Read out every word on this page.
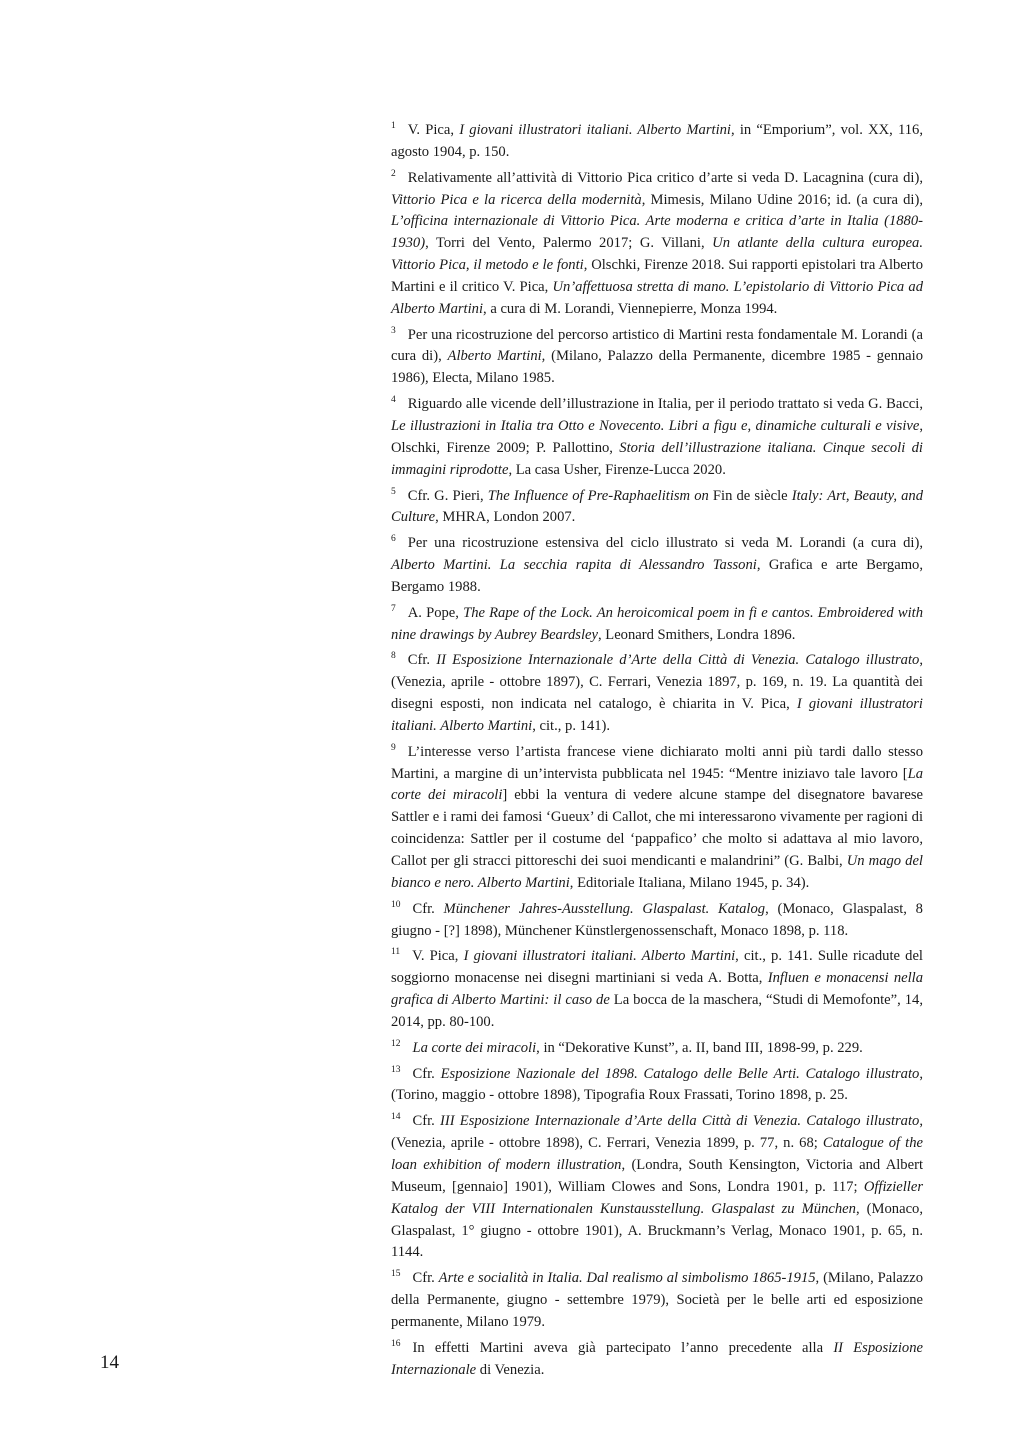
$^1$ V. Pica, I giovani illustratori italiani. Alberto Martini, in “Emporium”, vol. XX, 116, agosto 1904, p. 150.

$^2$ Relativamente all’attività di Vittorio Pica critico d’arte si veda D. Lacagnina (cura di), Vittorio Pica e la ricerca della modernità, Mimesis, Milano Udine 2016; id. (a cura di), L’officina internazionale di Vittorio Pica. Arte moderna e critica d’arte in Italia (1880-1930), Torri del Vento, Palermo 2017; G. Villani, Un atlante della cultura europea. Vittorio Pica, il metodo e le fonti, Olschki, Firenze 2018. Sui rapporti epistolari tra Alberto Martini e il critico V. Pica, Un’affettuosa stretta di mano. L’epistolario di Vittorio Pica ad Alberto Martini, a cura di M. Lorandi, Viennepierre, Monza 1994.

$^3$ Per una ricostruzione del percorso artistico di Martini resta fondamentale M. Lorandi (a cura di), Alberto Martini, (Milano, Palazzo della Permanente, dicembre 1985 - gennaio 1986), Electa, Milano 1985.

$^4$ Riguardo alle vicende dell’illustrazione in Italia, per il periodo trattato si veda G. Bacci, Le illustrazioni in Italia tra Otto e Novecento. Libri a figu e, dinamiche culturali e visive, Olschki, Firenze 2009; P. Pallottino, Storia dell’illustrazione italiana. Cinque secoli di immagini riprodotte, La casa Usher, Firenze-Lucca 2020.

$^5$ Cfr. G. Pieri, The Influence of Pre-Raphaelitism on Fin de siècle Italy: Art, Beauty, and Culture, MHRA, London 2007.

$^6$ Per una ricostruzione estensiva del ciclo illustrato si veda M. Lorandi (a cura di), Alberto Martini. La secchia rapita di Alessandro Tassoni, Grafica e arte Bergamo, Bergamo 1988.

$^7$ A. Pope, The Rape of the Lock. An heroicomical poem in fi e cantos. Embroidered with nine drawings by Aubrey Beardsley, Leonard Smithers, Londra 1896.

$^8$ Cfr. II Esposizione Internazionale d’Arte della Città di Venezia. Catalogo illustrato, (Venezia, aprile - ottobre 1897), C. Ferrari, Venezia 1897, p. 169, n. 19. La quantità dei disegni esposti, non indicata nel catalogo, è chiarita in V. Pica, I giovani illustratori italiani. Alberto Martini, cit., p. 141).

$^9$ L’interesse verso l’artista francese viene dichiarato molti anni più tardi dallo stesso Martini, a margine di un’intervista pubblicata nel 1945: “Mentre iniziavo tale lavoro [La corte dei miracoli] ebbi la ventura di vedere alcune stampe del disegnatore bavarese Sattler e i rami dei famosi ‘Gueux’ di Callot, che mi interessarono vivamente per ragioni di coincidenza: Sattler per il costume del ‘pappafico’ che molto si adattava al mio lavoro, Callot per gli stracci pittoreschi dei suoi mendicanti e malandrini” (G. Balbi, Un mago del bianco e nero. Alberto Martini, Editoriale Italiana, Milano 1945, p. 34).

$^{10}$ Cfr. Münchener Jahres-Ausstellung. Glaspalast. Katalog, (Monaco, Glaspalast, 8 giugno - [?] 1898), Münchener Künstlergenossenschaft, Monaco 1898, p. 118.

$^{11}$ V. Pica, I giovani illustratori italiani. Alberto Martini, cit., p. 141. Sulle ricadute del soggiorno monacense nei disegni martiniani si veda A. Botta, Influen e monacensi nella grafica di Alberto Martini: il caso de La bocca de la maschera, “Studi di Memofonte”, 14, 2014, pp. 80-100.

$^{12}$ La corte dei miracoli, in “Dekorative Kunst”, a. II, band III, 1898-99, p. 229.

$^{13}$ Cfr. Esposizione Nazionale del 1898. Catalogo delle Belle Arti. Catalogo illustrato, (Torino, maggio - ottobre 1898), Tipografia Roux Frassati, Torino 1898, p. 25.

$^{14}$ Cfr. III Esposizione Internazionale d’Arte della Città di Venezia. Catalogo illustrato, (Venezia, aprile - ottobre 1898), C. Ferrari, Venezia 1899, p. 77, n. 68; Catalogue of the loan exhibition of modern illustration, (Londra, South Kensington, Victoria and Albert Museum, [gennaio] 1901), William Clowes and Sons, Londra 1901, p. 117; Offizieller Katalog der VIII Internationalen Kunstausstellung. Glaspalast zu München, (Monaco, Glaspalast, 1° giugno - ottobre 1901), A. Bruckmann’s Verlag, Monaco 1901, p. 65, n. 1144.

$^{15}$ Cfr. Arte e socialità in Italia. Dal realismo al simbolismo 1865-1915, (Milano, Palazzo della Permanente, giugno - settembre 1979), Società per le belle arti ed esposizione permanente, Milano 1979.

$^{16}$ In effetti Martini aveva già partecipato l’anno precedente alla II Esposizione Internazionale di Venezia.

14
